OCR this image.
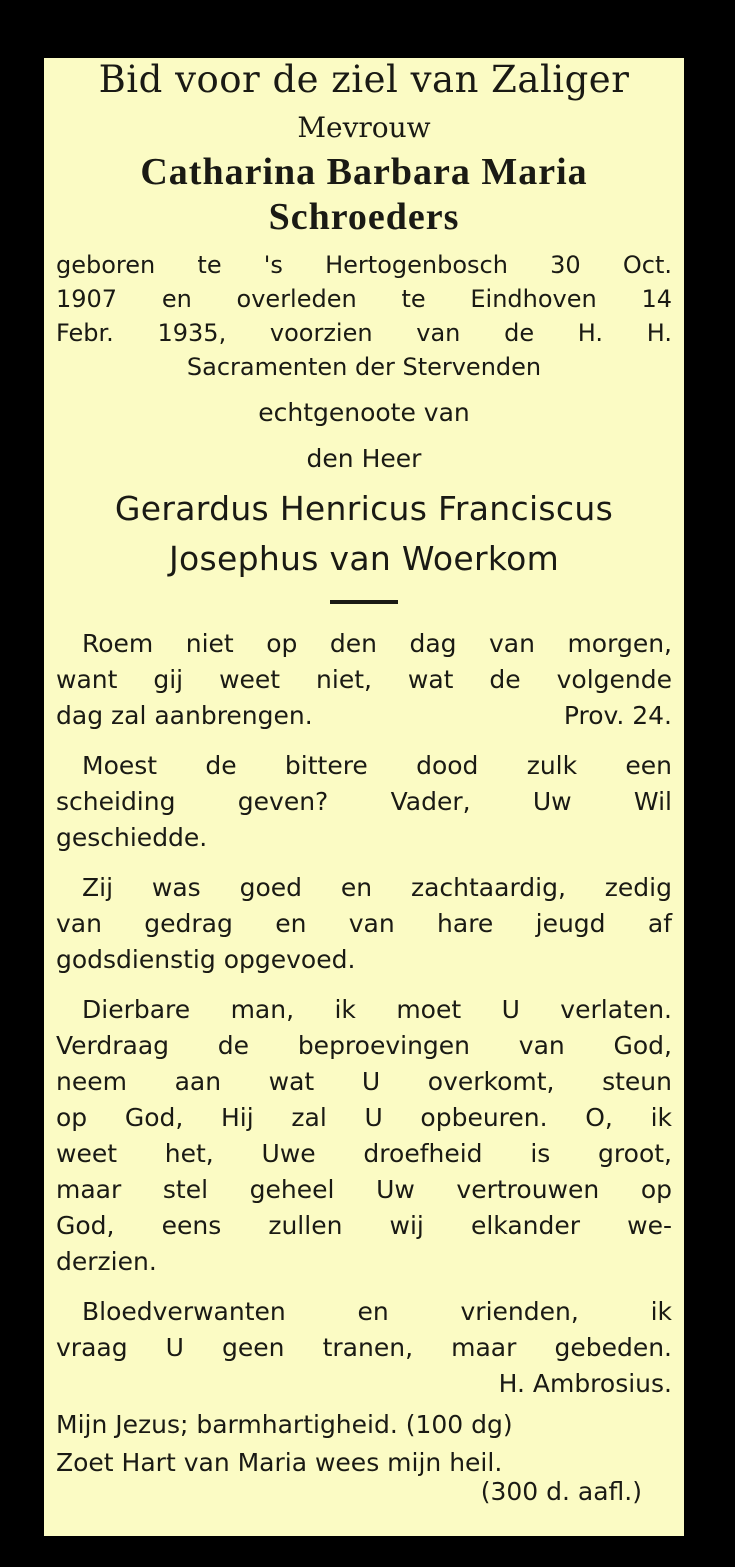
Bid voor de ziel van Zaliger
Mevrouw
Catharina Barbara Maria
Schroeders
geboren te 's Hertogenbosch 30 Oct.
1907 en overleden te Eindhoven 14
Febr. 1935, voorzien van de H. H.
Sacramenten der Stervenden
echtgenoote van
den Heer
Gerardus Henricus Franciscus
Josephus van Woerkom
Roem niet op den dag van morgen,
want gij weet niet, wat de volgende
dag zal aanbrengen.	Prov. 24.
Moest de bittere dood zulk een
scheiding geven? Vader, Uw Wil
geschiedde.
Zij was goed en zachtaardig, zedig
van gedrag en van hare jeugd af
godsdienstig opgevoed.
Dierbare man, ik moet U verlaten.
Verdraag de beproevingen van God,
neem aan wat U overkomt, steun
op God, Hij zal U opbeuren. O, ik
weet het, Uwe droefheid is groot,
maar stel geheel Uw vertrouwen op
God, eens zullen wij elkander we-
derzien.
Bloedverwanten en vrienden, ik
vraag U geen tranen, maar gebeden.
H. Ambrosius.
Mijn Jezus; barmhartigheid. (100 dg)
Zoet Hart van Maria wees mijn heil.
(300 d. aafl.)
